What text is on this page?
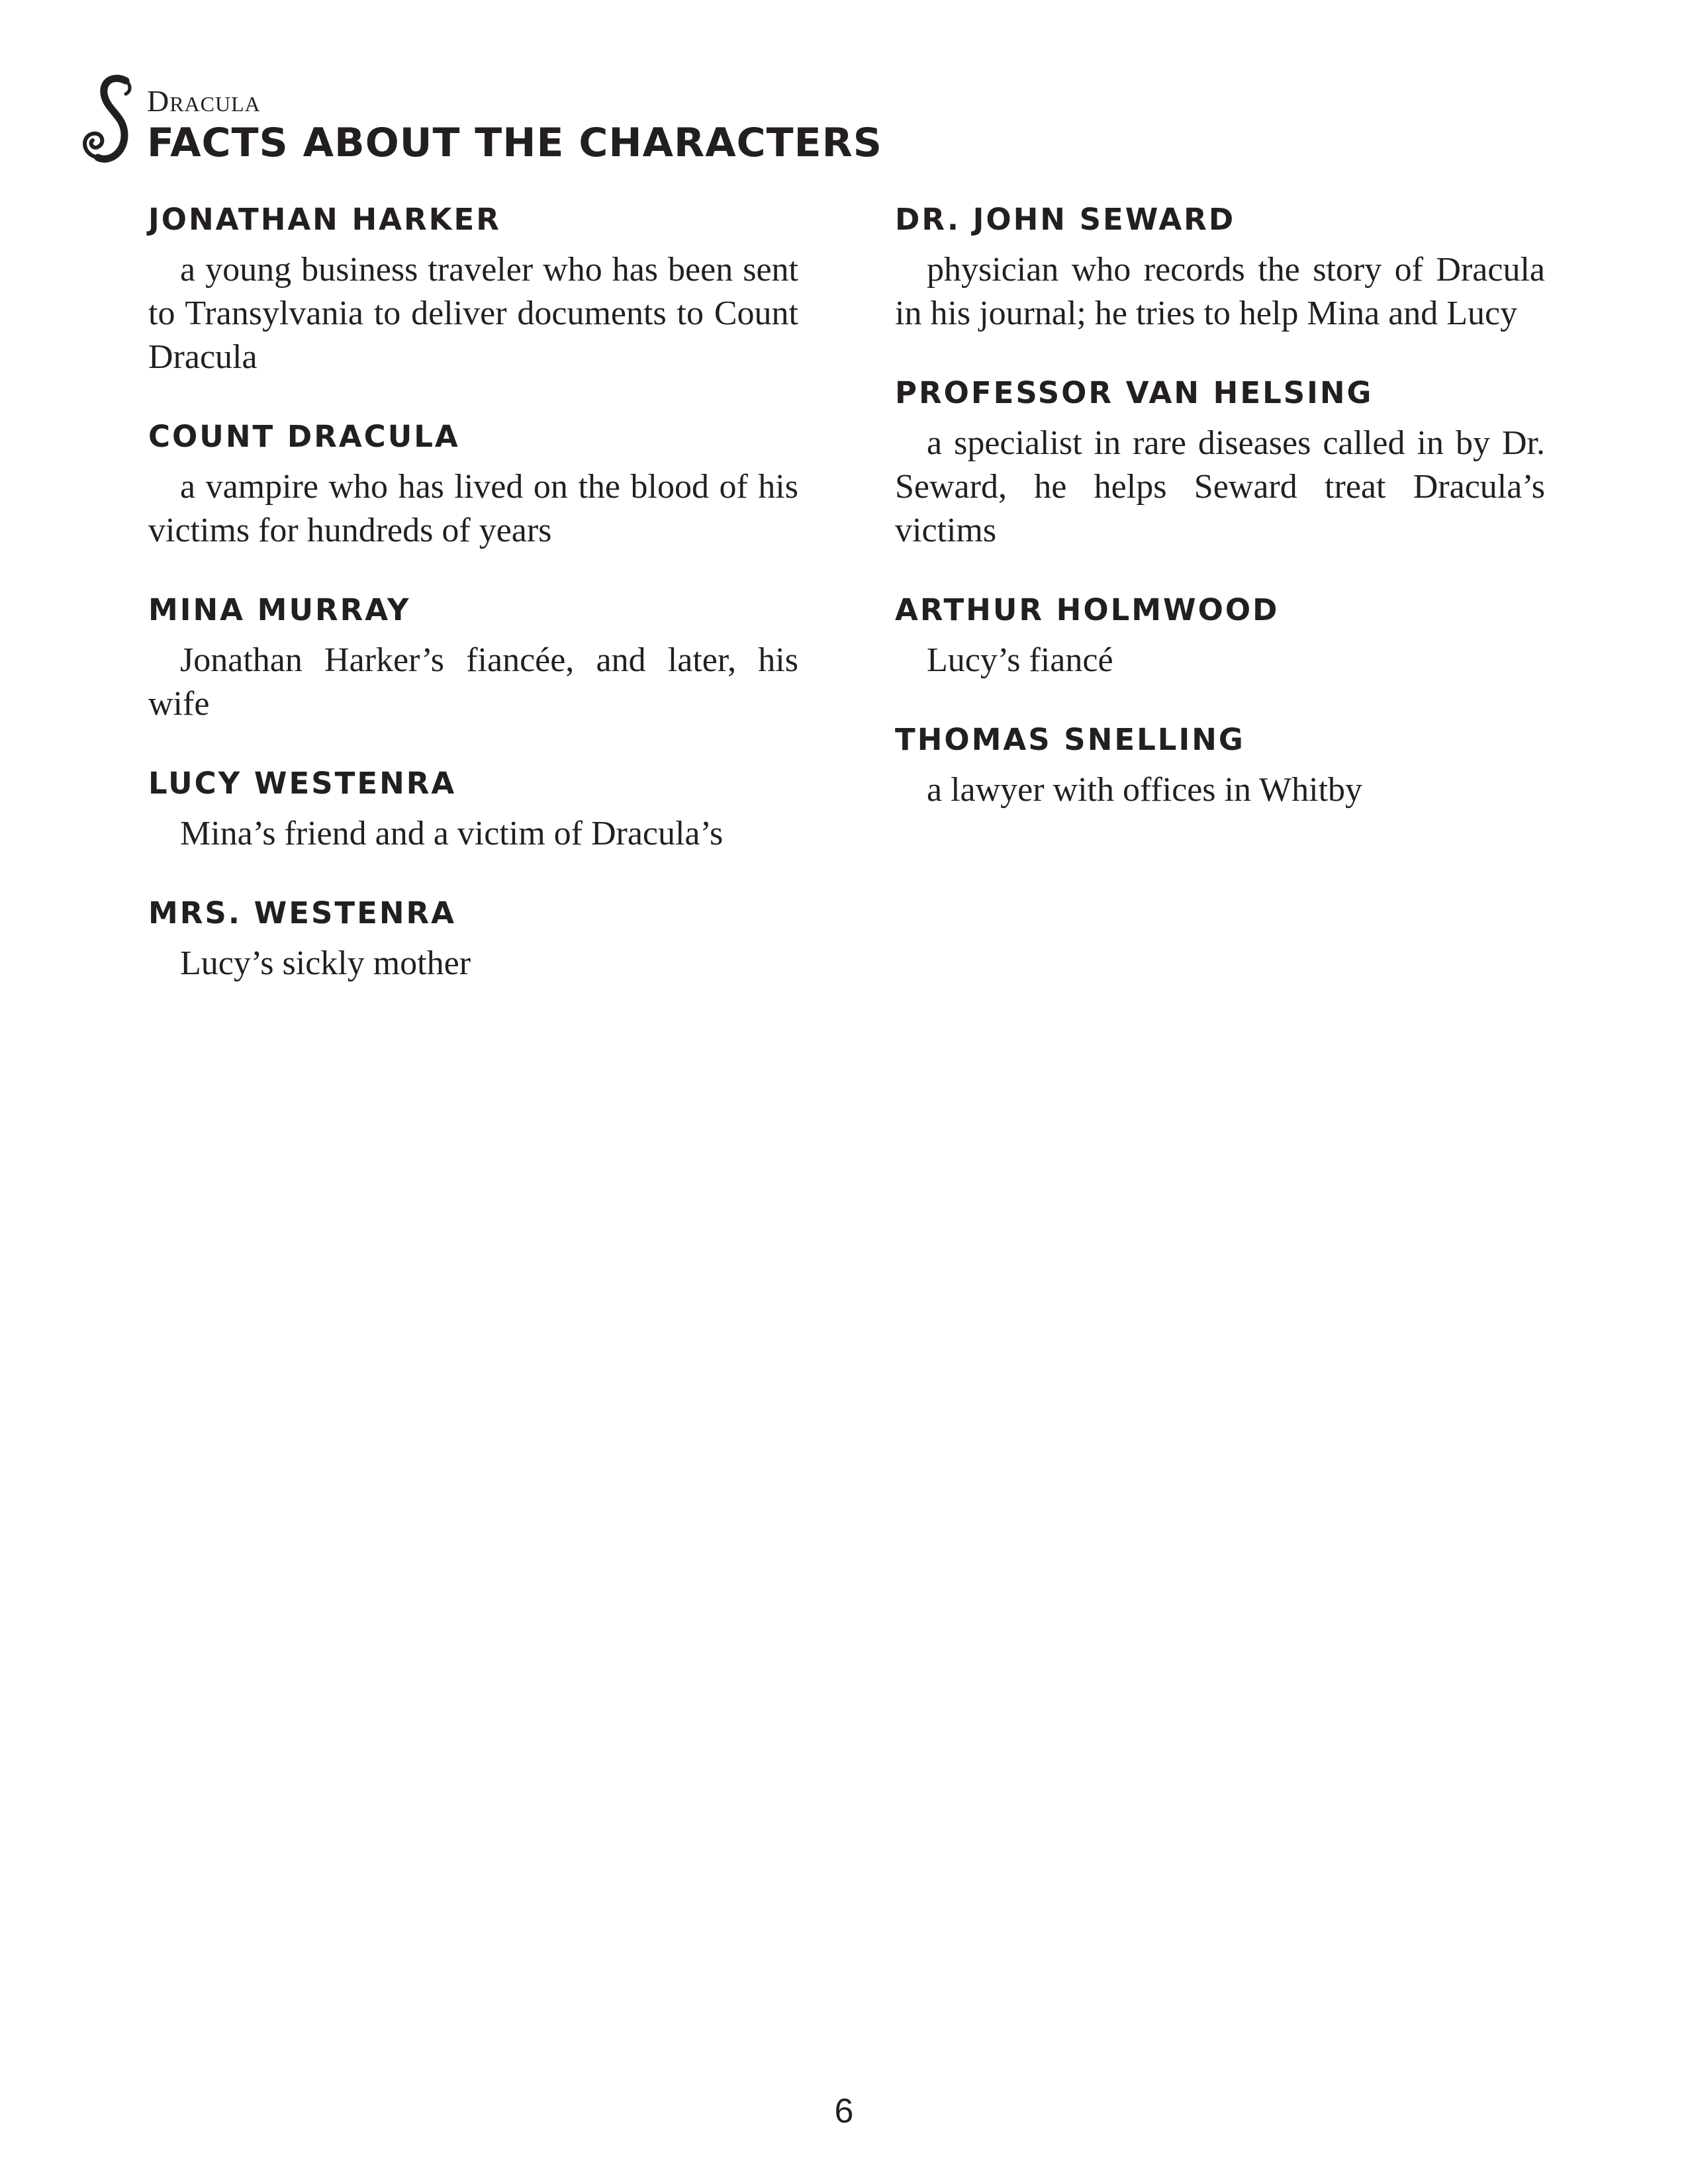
Dracula
FACTS ABOUT THE CHARACTERS
JONATHAN HARKER

a young business traveler who has been sent to Transylvania to deliver documents to Count Dracula

COUNT DRACULA

a vampire who has lived on the blood of his victims for hundreds of years

MINA MURRAY

Jonathan Harker’s fiancée, and later, his wife

LUCY WESTENRA

Mina’s friend and a victim of Dracula’s

MRS. WESTENRA

Lucy’s sickly mother

DR. JOHN SEWARD

physician who records the story of Dracula in his journal; he tries to help Mina and Lucy

PROFESSOR VAN HELSING

a specialist in rare diseases called in by Dr. Seward, he helps Seward treat Dracula’s victims

ARTHUR HOLMWOOD

Lucy’s fiancé

THOMAS SNELLING

a lawyer with offices in Whitby

6
